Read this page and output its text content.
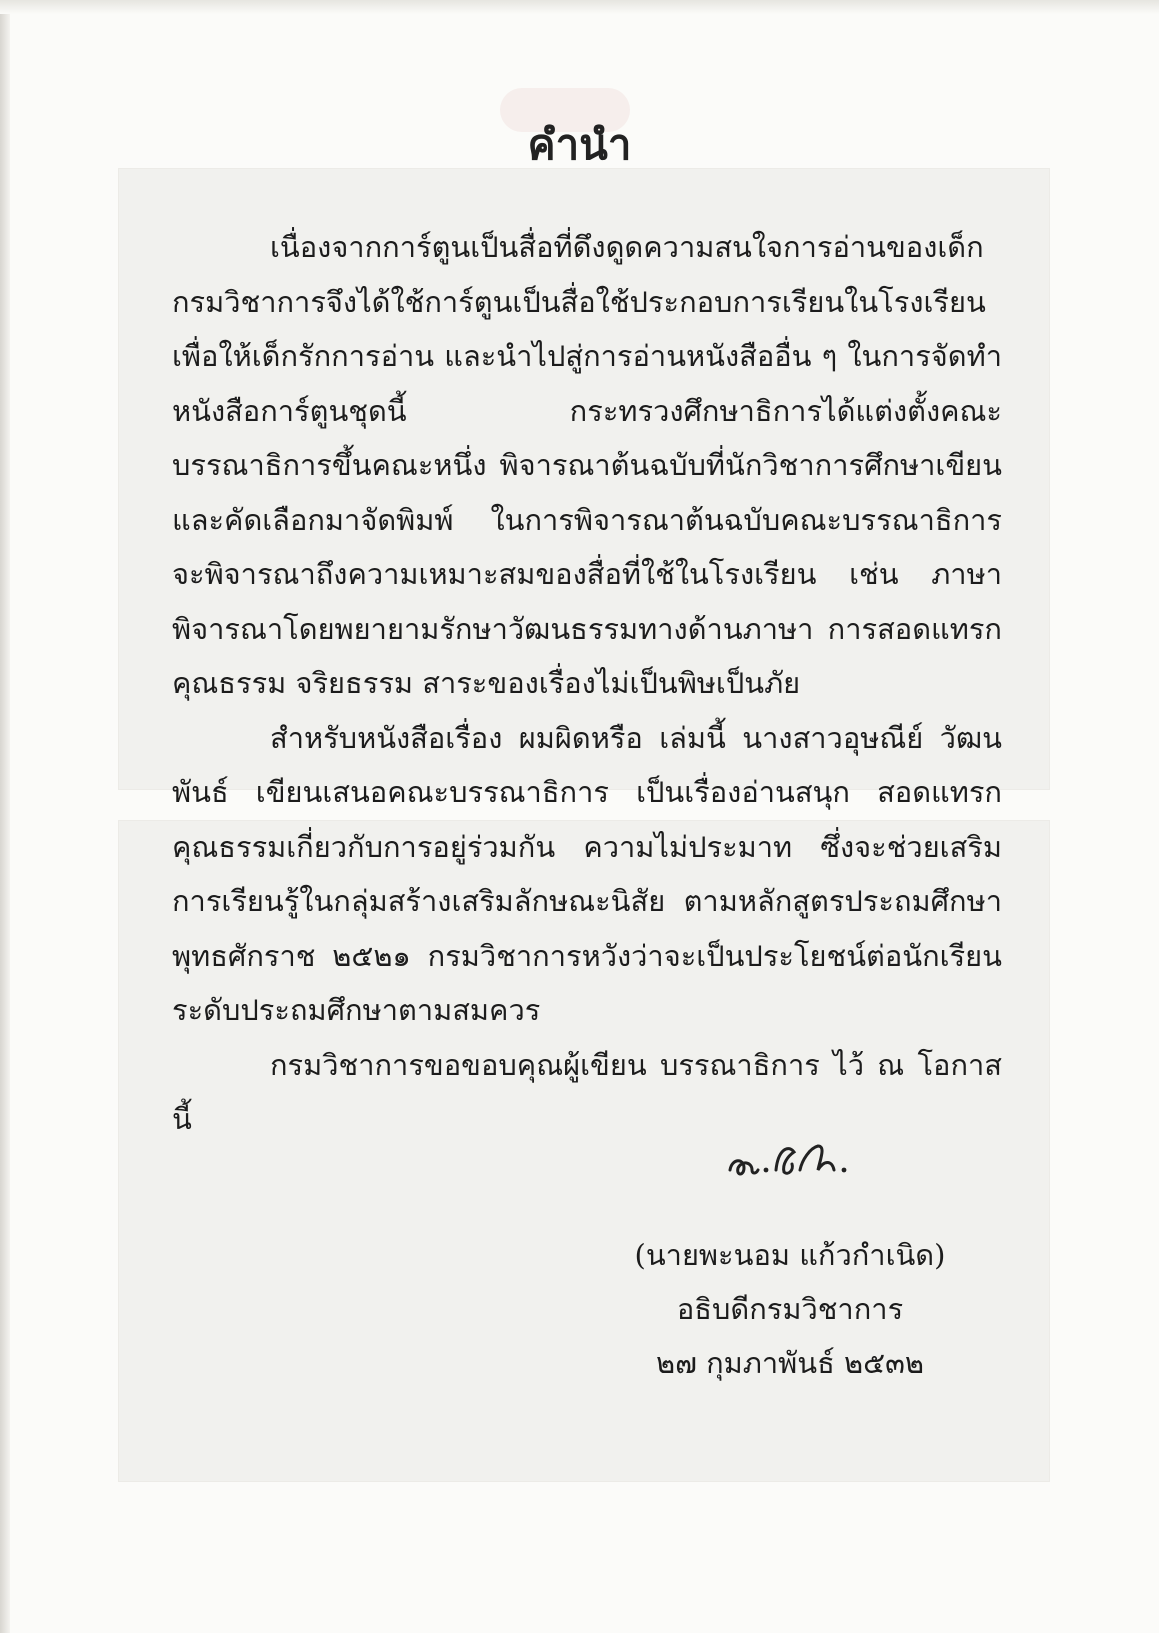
คำนำ

เนื่องจากการ์ตูนเป็นสื่อที่ดึงดูดความสนใจการอ่านของเด็ก กรมวิชาการจึงได้ใช้การ์ตูนเป็นสื่อใช้ประกอบการเรียนในโรงเรียน เพื่อให้เด็กรักการอ่าน และนำไปสู่การอ่านหนังสืออื่น ๆ ในการจัดทำหนังสือการ์ตูนชุดนี้ กระทรวงศึกษาธิการได้แต่งตั้งคณะบรรณาธิการขึ้นคณะหนึ่ง พิจารณาต้นฉบับที่นักวิชาการศึกษาเขียน และคัดเลือกมาจัดพิมพ์ ในการพิจารณาต้นฉบับคณะบรรณาธิการจะพิจารณาถึงความเหมาะสมของสื่อที่ใช้ในโรงเรียน เช่น ภาษา พิจารณาโดยพยายามรักษาวัฒนธรรมทางด้านภาษา การสอดแทรกคุณธรรม จริยธรรม สาระของเรื่องไม่เป็นพิษเป็นภัย

สำหรับหนังสือเรื่อง ผมผิดหรือ เล่มนี้ นางสาวอุษณีย์ วัฒนพันธ์ เขียนเสนอคณะบรรณาธิการ เป็นเรื่องอ่านสนุก สอดแทรกคุณธรรมเกี่ยวกับการอยู่ร่วมกัน ความไม่ประมาท ซึ่งจะช่วยเสริมการเรียนรู้ในกลุ่มสร้างเสริมลักษณะนิสัย ตามหลักสูตรประถมศึกษา พุทธศักราช ๒๕๒๑ กรมวิชาการหวังว่าจะเป็นประโยชน์ต่อนักเรียนระดับประถมศึกษาตามสมควร

กรมวิชาการขอขอบคุณผู้เขียน บรรณาธิการ ไว้ ณ โอกาสนี้

(นายพะนอม แก้วกำเนิด)
อธิบดีกรมวิชาการ
๒๗ กุมภาพันธ์ ๒๕๓๒
